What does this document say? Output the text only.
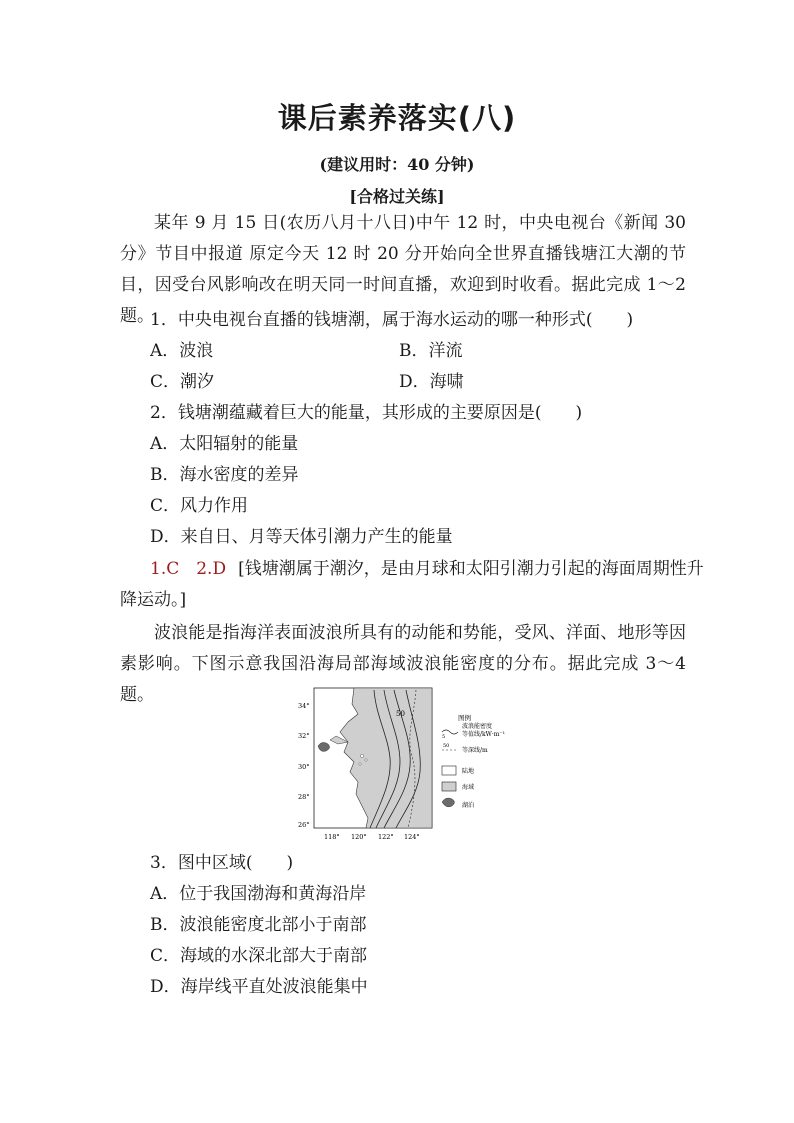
课后素养落实(八)
(建议用时：40 分钟)
[合格过关练]
某年 9 月 15 日(农历八月十八日)中午 12 时，中央电视台《新闻 30 分》节目中报道 原定今天 12 时 20 分开始向全世界直播钱塘江大潮的节目，因受台风影响改在明天同一时间直播，欢迎到时收看。据此完成 1～2 题。
1．中央电视台直播的钱塘潮，属于海水运动的哪一种形式(　　)
A．波浪	B．洋流
C．潮汐	D．海啸
2．钱塘潮蕴藏着巨大的能量，其形成的主要原因是(　　)
A．太阳辐射的能量
B．海水密度的差异
C．风力作用
D．来自日、月等天体引潮力产生的能量
1.C　2.D [钱塘潮属于潮汐，是由月球和太阳引潮力引起的海面周期性升
降运动。]
波浪能是指海洋表面波浪所具有的动能和势能，受风、洋面、地形等因素影响。下图示意我国沿海局部海域波浪能密度的分布。据此完成 3～4 题。
50
34°
32°
30°
28°
26°
118° 120° 122° 124°
图例
5
波浪能密度
等值线/kW·m⁻¹
50
等深线/m
陆地
海域
湖泊
3．图中区域(　　)
A．位于我国渤海和黄海沿岸
B．波浪能密度北部小于南部
C．海域的水深北部大于南部
D．海岸线平直处波浪能集中
